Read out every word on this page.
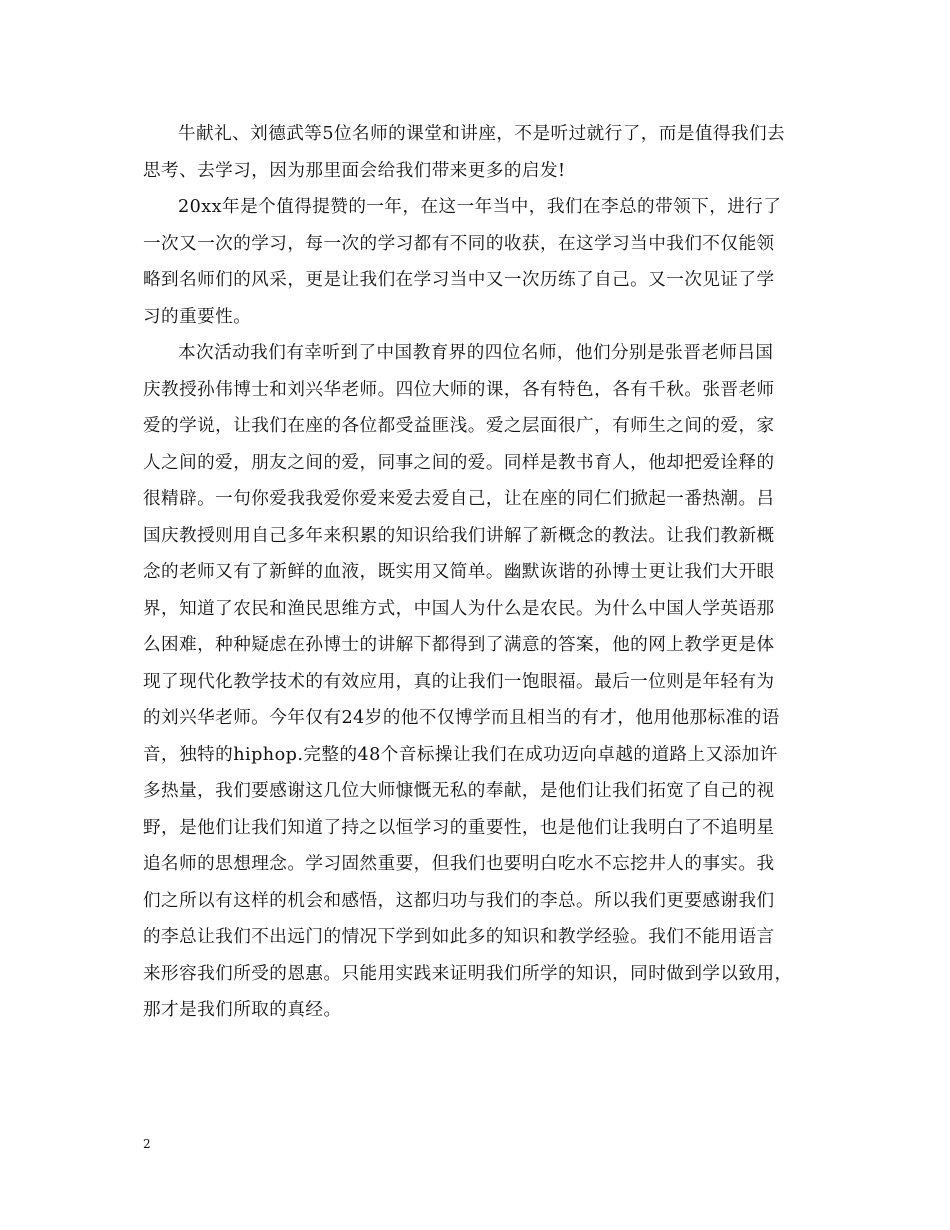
牛献礼、刘德武等5位名师的课堂和讲座，不是听过就行了，而是值得我们去
思考、去学习，因为那里面会给我们带来更多的启发!
20xx年是个值得提赞的一年，在这一年当中，我们在李总的带领下，进行了
一次又一次的学习，每一次的学习都有不同的收获，在这学习当中我们不仅能领
略到名师们的风采，更是让我们在学习当中又一次历练了自己。又一次见证了学
习的重要性。
本次活动我们有幸听到了中国教育界的四位名师，他们分别是张晋老师吕国
庆教授孙伟博士和刘兴华老师。四位大师的课，各有特色，各有千秋。张晋老师
爱的学说，让我们在座的各位都受益匪浅。爱之层面很广，有师生之间的爱，家
人之间的爱，朋友之间的爱，同事之间的爱。同样是教书育人，他却把爱诠释的
很精辟。一句你爱我我爱你爱来爱去爱自己，让在座的同仁们掀起一番热潮。吕
国庆教授则用自己多年来积累的知识给我们讲解了新概念的教法。让我们教新概
念的老师又有了新鲜的血液，既实用又简单。幽默诙谐的孙博士更让我们大开眼
界，知道了农民和渔民思维方式，中国人为什么是农民。为什么中国人学英语那
么困难，种种疑虑在孙博士的讲解下都得到了满意的答案，他的网上教学更是体
现了现代化教学技术的有效应用，真的让我们一饱眼福。最后一位则是年轻有为
的刘兴华老师。今年仅有24岁的他不仅博学而且相当的有才，他用他那标准的语
音，独特的hiphop.完整的48个音标操让我们在成功迈向卓越的道路上又添加许
多热量，我们要感谢这几位大师慷慨无私的奉献，是他们让我们拓宽了自己的视
野，是他们让我们知道了持之以恒学习的重要性，也是他们让我明白了不追明星
追名师的思想理念。学习固然重要，但我们也要明白吃水不忘挖井人的事实。我
们之所以有这样的机会和感悟，这都归功与我们的李总。所以我们更要感谢我们
的李总让我们不出远门的情况下学到如此多的知识和教学经验。我们不能用语言
来形容我们所受的恩惠。只能用实践来证明我们所学的知识，同时做到学以致用，
那才是我们所取的真经。
2
